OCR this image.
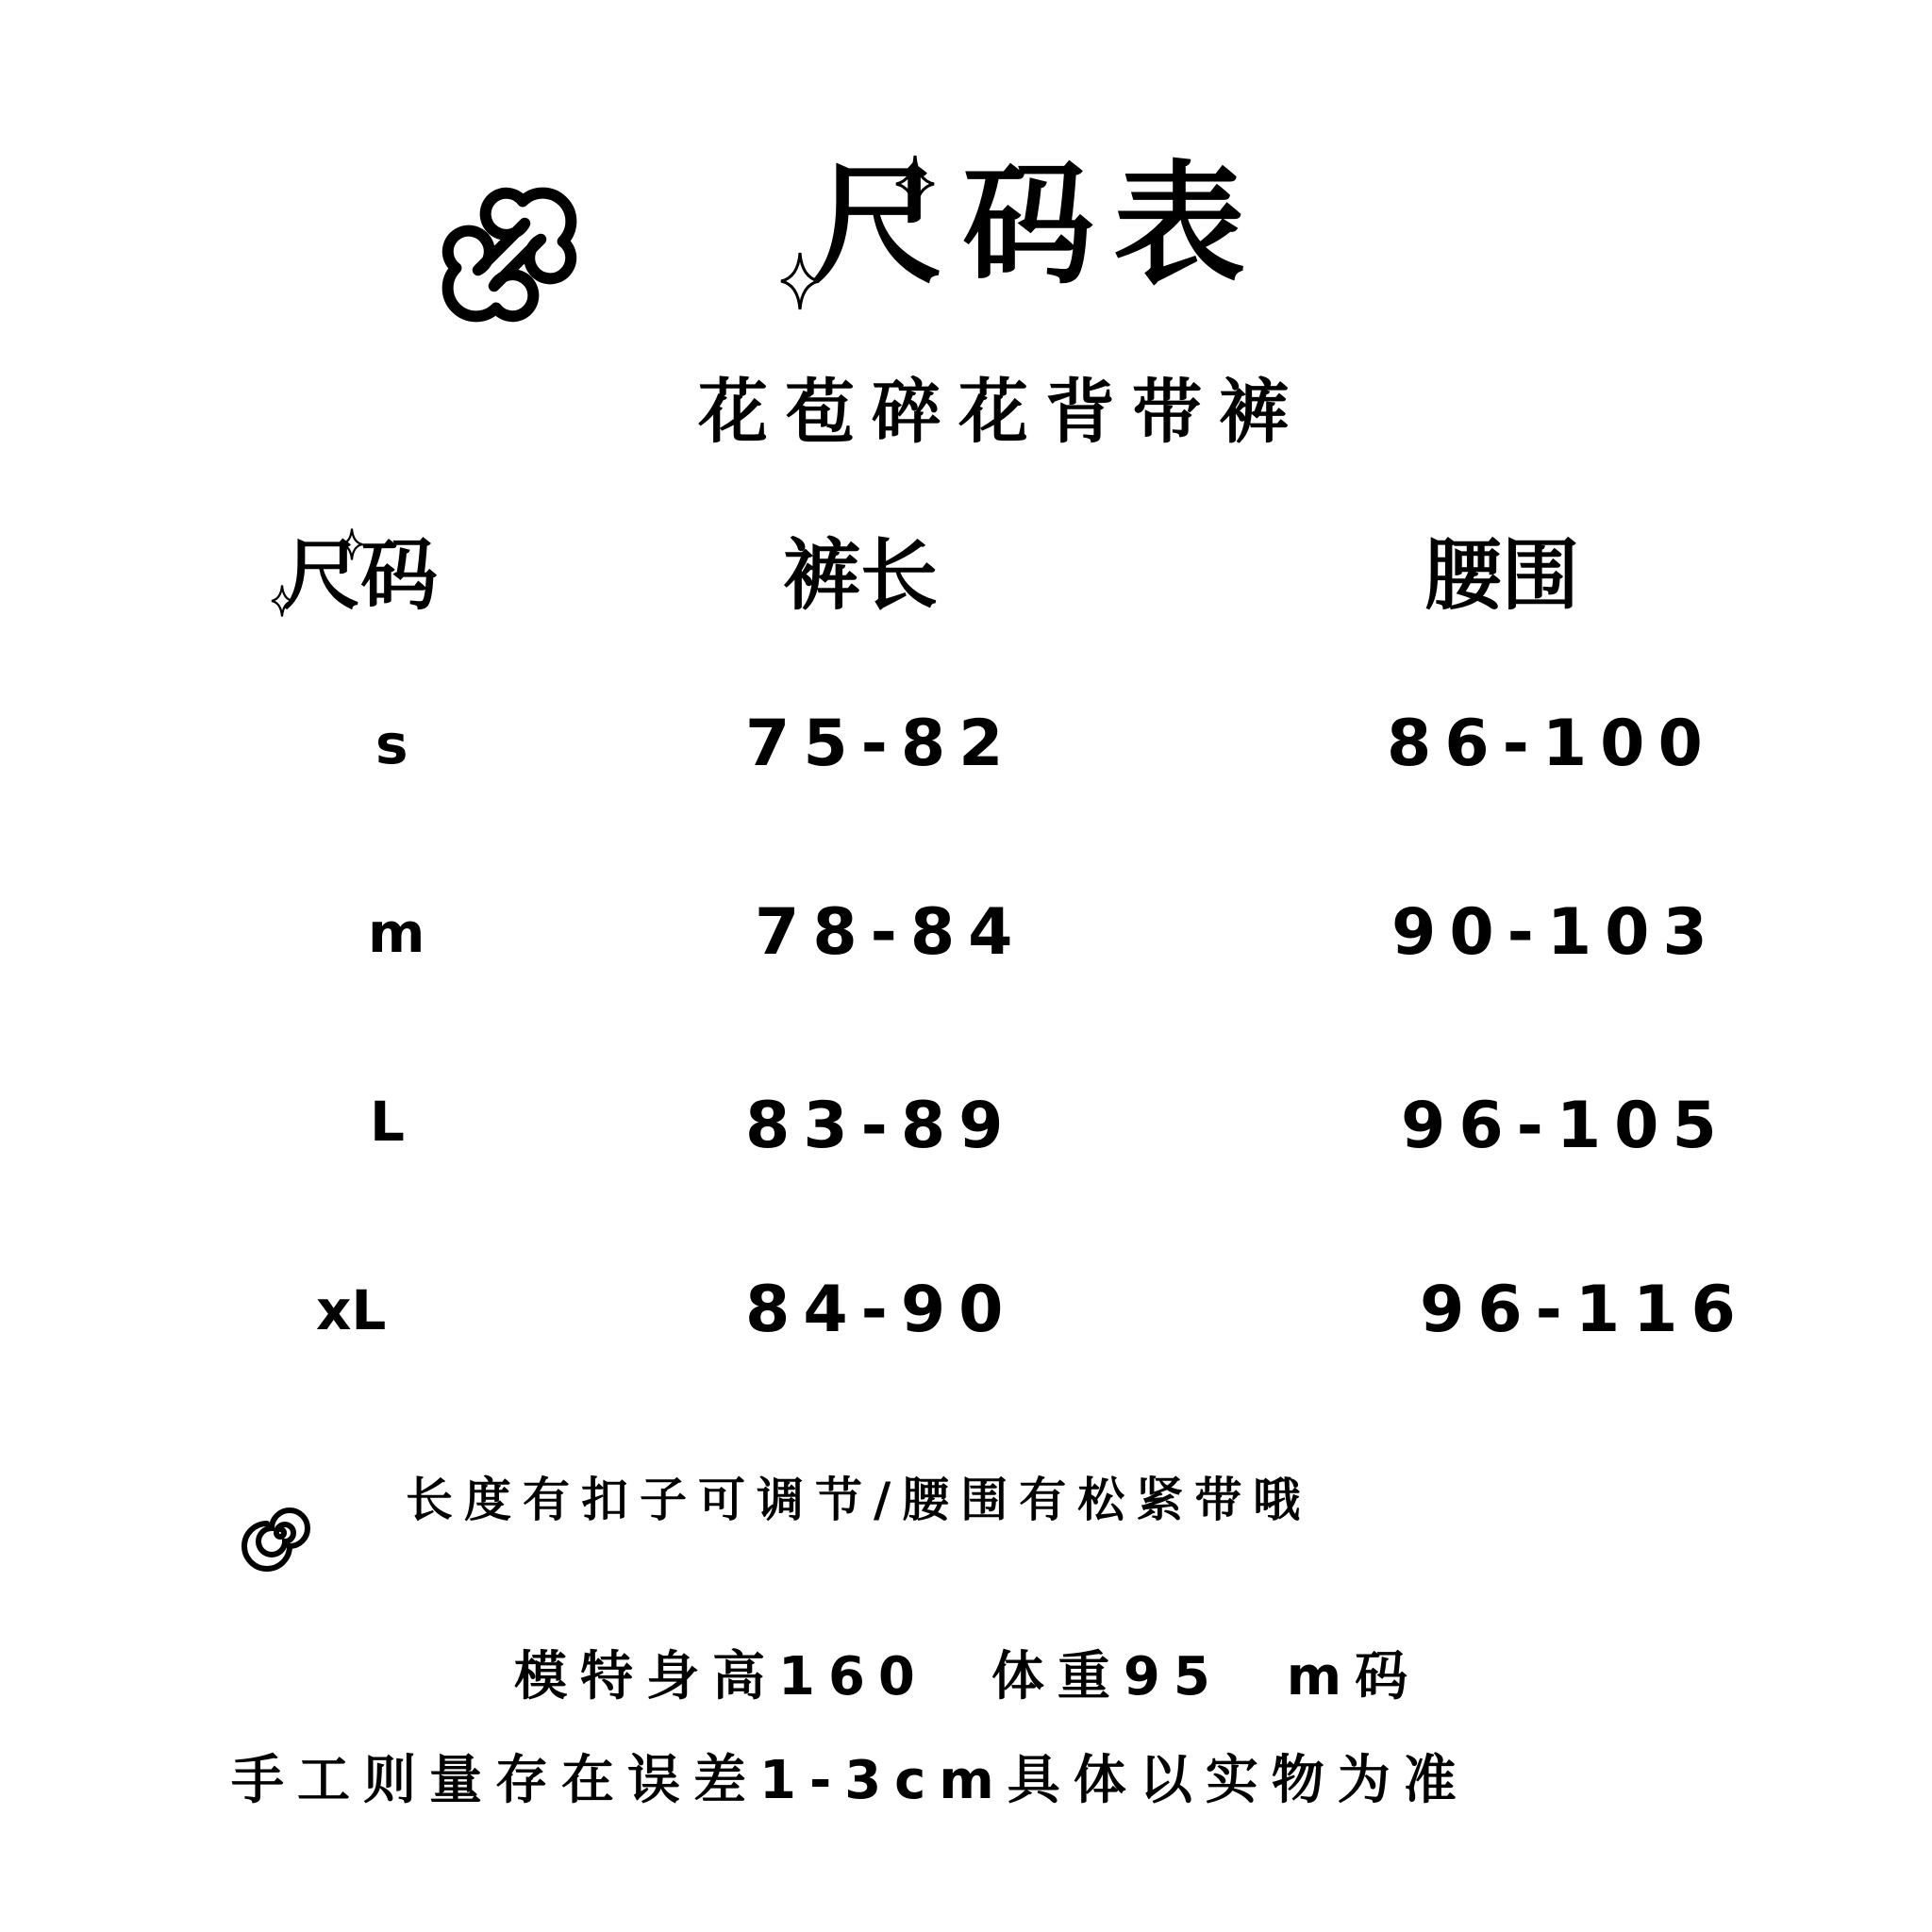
尺码表
花苞碎花背带裤
尺码	裤长	腰围
s	75-82	86-100
m	78-84	90-103
L	83-89	96-105
xL	84-90	96-116
长度有扣子可调节/腰围有松紧带哦
模特身高160  体重95  m码
手工则量存在误差1-3cm具体以实物为准
